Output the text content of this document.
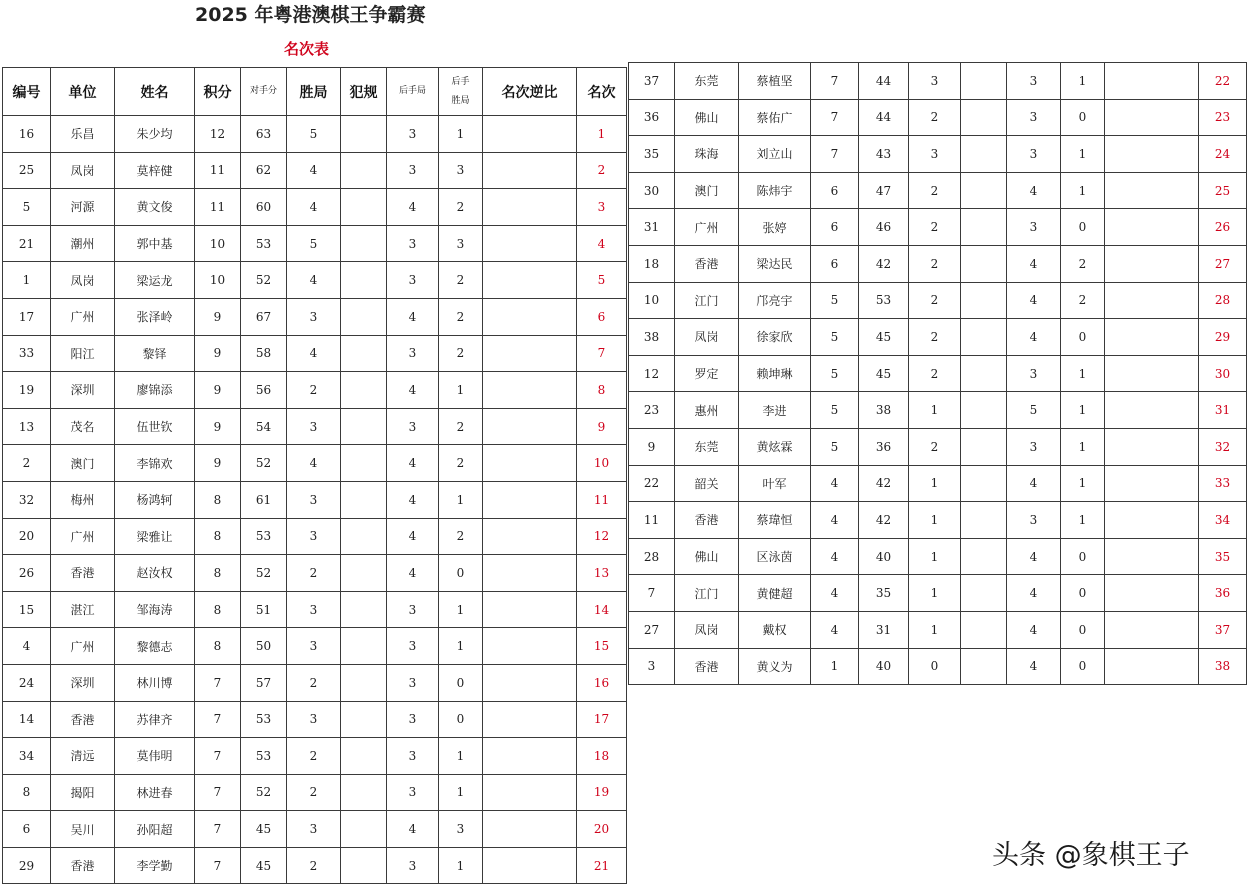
2025 年粤港澳棋王争霸赛
名次表
编号	单位	姓名	积分	对手分	胜局	犯规	后手局	后手胜局	名次逆比	名次
16	乐昌	朱少均	12	63	5		3	1		1
25	凤岗	莫梓健	11	62	4		3	3		2
5	河源	黄文俊	11	60	4		4	2		3
21	潮州	郭中基	10	53	5		3	3		4
1	凤岗	梁运龙	10	52	4		3	2		5
17	广州	张泽岭	9	67	3		4	2		6
33	阳江	黎铎	9	58	4		3	2		7
19	深圳	廖锦添	9	56	2		4	1		8
13	茂名	伍世钦	9	54	3		3	2		9
2	澳门	李锦欢	9	52	4		4	2		10
32	梅州	杨鸿轲	8	61	3		4	1		11
20	广州	梁雅让	8	53	3		4	2		12
26	香港	赵汝权	8	52	2		4	0		13
15	湛江	邹海涛	8	51	3		3	1		14
4	广州	黎德志	8	50	3		3	1		15
24	深圳	林川博	7	57	2		3	0		16
14	香港	苏律齐	7	53	3		3	0		17
34	清远	莫伟明	7	53	2		3	1		18
8	揭阳	林进春	7	52	2		3	1		19
6	吴川	孙阳超	7	45	3		4	3		20
29	香港	李学勤	7	45	2		3	1		21
37	东莞	蔡植坚	7	44	3		3	1		22
36	佛山	蔡佑广	7	44	2		3	0		23
35	珠海	刘立山	7	43	3		3	1		24
30	澳门	陈炜宇	6	47	2		4	1		25
31	广州	张婷	6	46	2		3	0		26
18	香港	梁达民	6	42	2		4	2		27
10	江门	邝亮宇	5	53	2		4	2		28
38	凤岗	徐家欣	5	45	2		4	0		29
12	罗定	赖坤琳	5	45	2		3	1		30
23	惠州	李进	5	38	1		5	1		31
9	东莞	黄炫霖	5	36	2		3	1		32
22	韶关	叶军	4	42	1		4	1		33
11	香港	蔡瑋恒	4	42	1		3	1		34
28	佛山	区泳茵	4	40	1		4	0		35
7	江门	黄健超	4	35	1		4	0		36
27	凤岗	戴权	4	31	1		4	0		37
3	香港	黄义为	1	40	0		4	0		38
头条 @象棋王子
